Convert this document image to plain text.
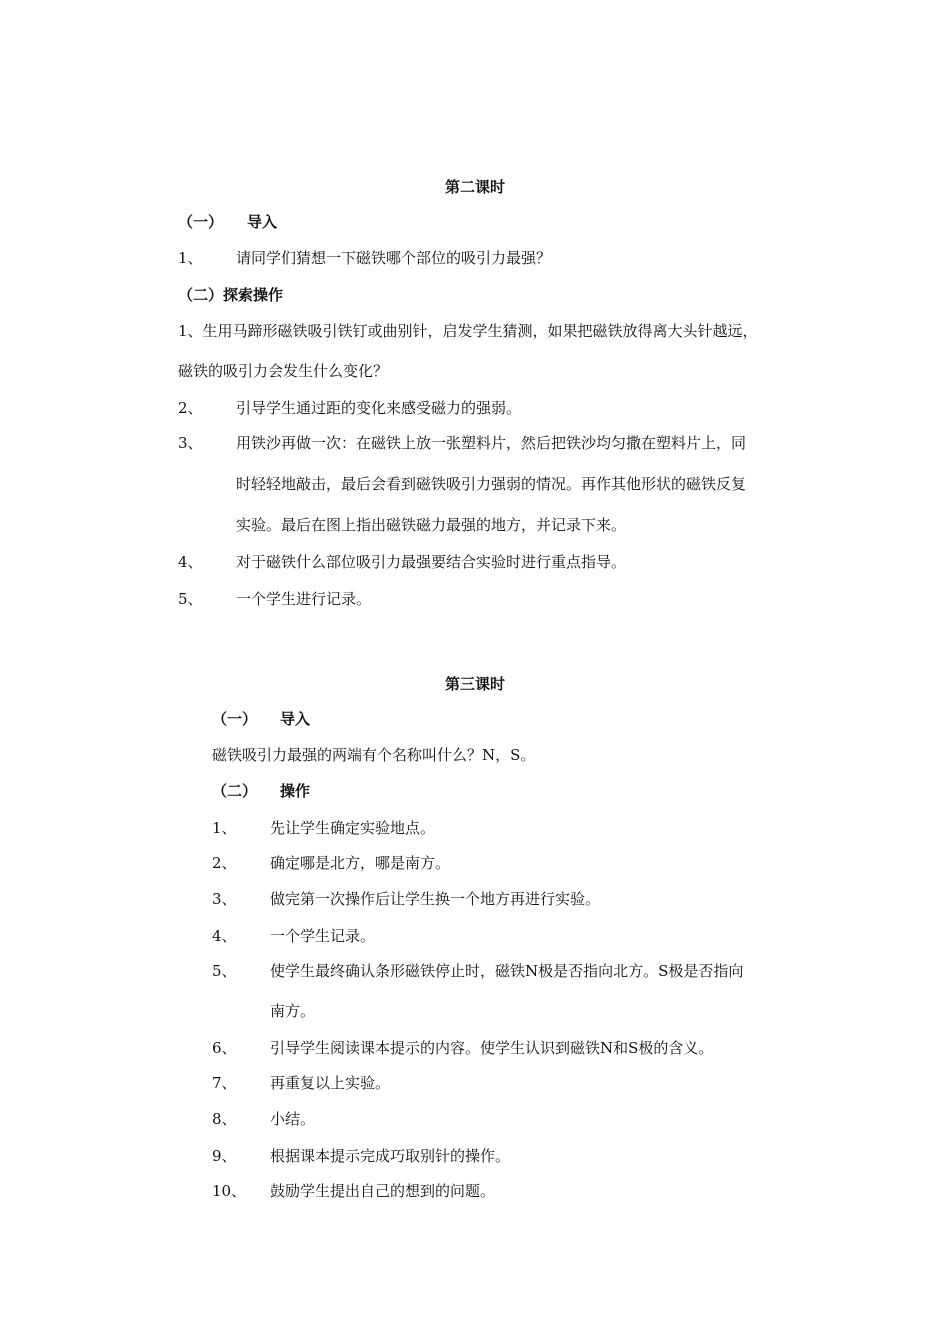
第二课时
（一） 导入
1、 请同学们猜想一下磁铁哪个部位的吸引力最强？
（二）探索操作
1、生用马蹄形磁铁吸引铁钉或曲别针，启发学生猜测，如果把磁铁放得离大头针越远，
磁铁的吸引力会发生什么变化？
2、 引导学生通过距的变化来感受磁力的强弱。
3、 用铁沙再做一次：在磁铁上放一张塑料片，然后把铁沙均匀撒在塑料片上，同
时轻轻地敲击，最后会看到磁铁吸引力强弱的情况。再作其他形状的磁铁反复
实验。最后在图上指出磁铁磁力最强的地方，并记录下来。
4、 对于磁铁什么部位吸引力最强要结合实验时进行重点指导。
5、 一个学生进行记录。
第三课时
（一） 导入
磁铁吸引力最强的两端有个名称叫什么？N，S。
（二） 操作
1、 先让学生确定实验地点。
2、 确定哪是北方，哪是南方。
3、 做完第一次操作后让学生换一个地方再进行实验。
4、 一个学生记录。
5、 使学生最终确认条形磁铁停止时，磁铁N极是否指向北方。S极是否指向
南方。
6、 引导学生阅读课本提示的内容。使学生认识到磁铁N和S极的含义。
7、 再重复以上实验。
8、 小结。
9、 根据课本提示完成巧取别针的操作。
10、 鼓励学生提出自己的想到的问题。
